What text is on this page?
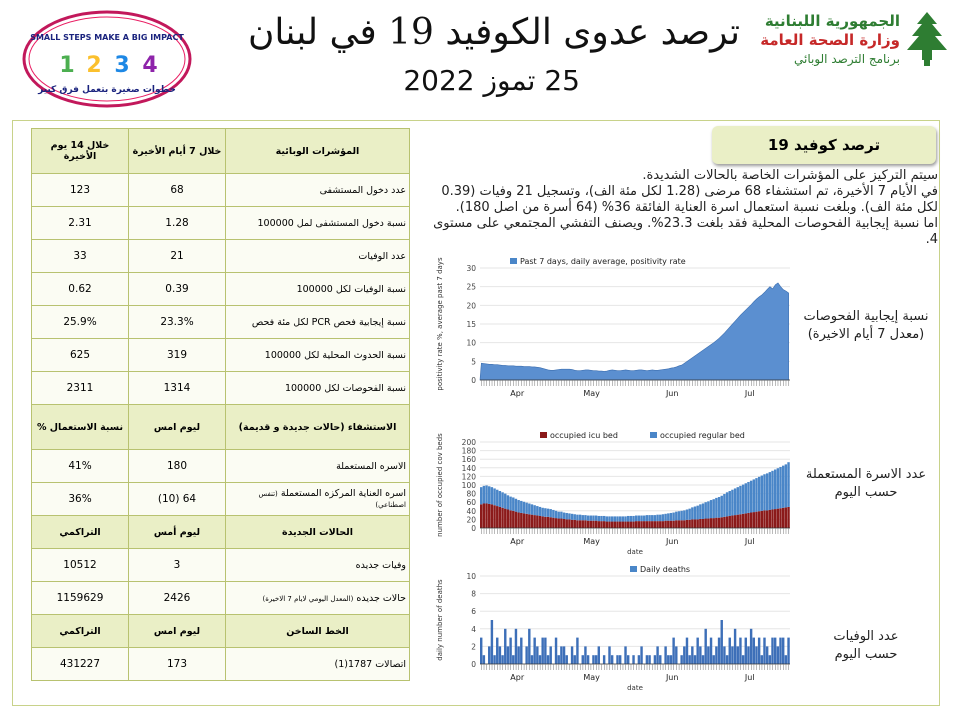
ترصد عدوى الكوفيد 19 في لبنان
25 تموز 2022
الجمهورية اللبنانية
وزارة الصحة العامة
برنامج الترصد الوبائي
SMALL STEPS MAKE A BIG IMPACT
1 2 3 4
خطوات صغيرة بتعمل فرق كبير
خلال 14 يوم الأخيرة	خلال 7 أيام الأخيرة	المؤشرات الوبائية
123	68	عدد دخول المستشفى
2.31	1.28	نسبة دخول المستشفى لمل 100000
33	21	عدد الوفيات
0.62	0.39	نسبة الوفيات لكل 100000
25.9%	23.3%	نسبة إيجابية فحص PCR لكل مئة فحص
625	319	نسبة الحدوث المحلية لكل 100000
2311	1314	نسبة الفحوصات لكل 100000
% نسبة الاستعمال	ليوم امس	الاستشفاء (حالات جديدة و قديمة)
41%	180	الاسره المستعملة
36%	(10) 64	اسره العناية المركزه المستعملة (تنفس اصطناعي)
التراكمي	ليوم أمس	الحالات الجديدة
10512	3	وفيات جديده
1159629	2426	حالات جديده (المعدل اليومي لايام 7 الاخيرة)
التراكمي	ليوم امس	الخط الساخن
431227	173	اتصالات 1787(1)
ترصد كوفيد 19

سيتم التركيز على المؤشرات الخاصة بالحالات الشديدة.

في الأيام 7 الأخيرة، تم استشفاء 68 مرضى (1.28 لكل مئة الف)، وتسجيل 21 وفيات (0.39 لكل مئة الف). وبلغت نسبة استعمال اسرة العناية الفائقة 36% (64 أسرة من اصل 180).

اما نسبة إيجابية الفحوصات المحلية فقد بلغت 23.3%. ويصنف التفشي المجتمعي على مستوى 4.

نسبة إيجابية الفحوصات
(معدل 7 أيام الاخيرة)
عدد الاسرة المستعملة
حسب اليوم
عدد الوفيات
حسب اليوم
0
5
10
15
20
25
30
positivity rate %, average past 7 days
Apr	May	Jun	Jul
Past 7 days, daily average, positivity rate
0
20
40
60
80
100
120
140
160
180
200
number of occupied cov beds
Apr	May	Jun	Jul
date
occupied icu bed	occupied regular bed
0
2
4
6
8
10
daily number of deaths
Apr	May	Jun	Jul
date
Daily deaths
